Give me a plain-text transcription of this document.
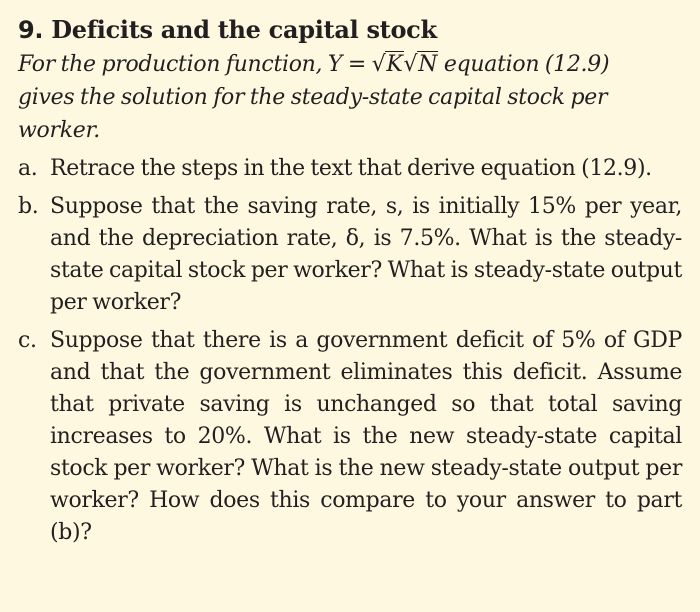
9. Deficits and the capital stock

For the production function, Y = √K√N equation (12.9)
gives the solution for the steady-state capital stock per worker.

a. Retrace the steps in the text that derive equation (12.9).
b. Suppose that the saving rate, s, is initially 15% per year, and the depreciation rate, δ, is 7.5%. What is the steady-state capital stock per worker? What is steady-state output per worker?
c. Suppose that there is a government deficit of 5% of GDP and that the government eliminates this deficit. Assume that private saving is unchanged so that total saving increases to 20%. What is the new steady-state capital stock per worker? What is the new steady-state output per worker? How does this compare to your answer to part (b)?
